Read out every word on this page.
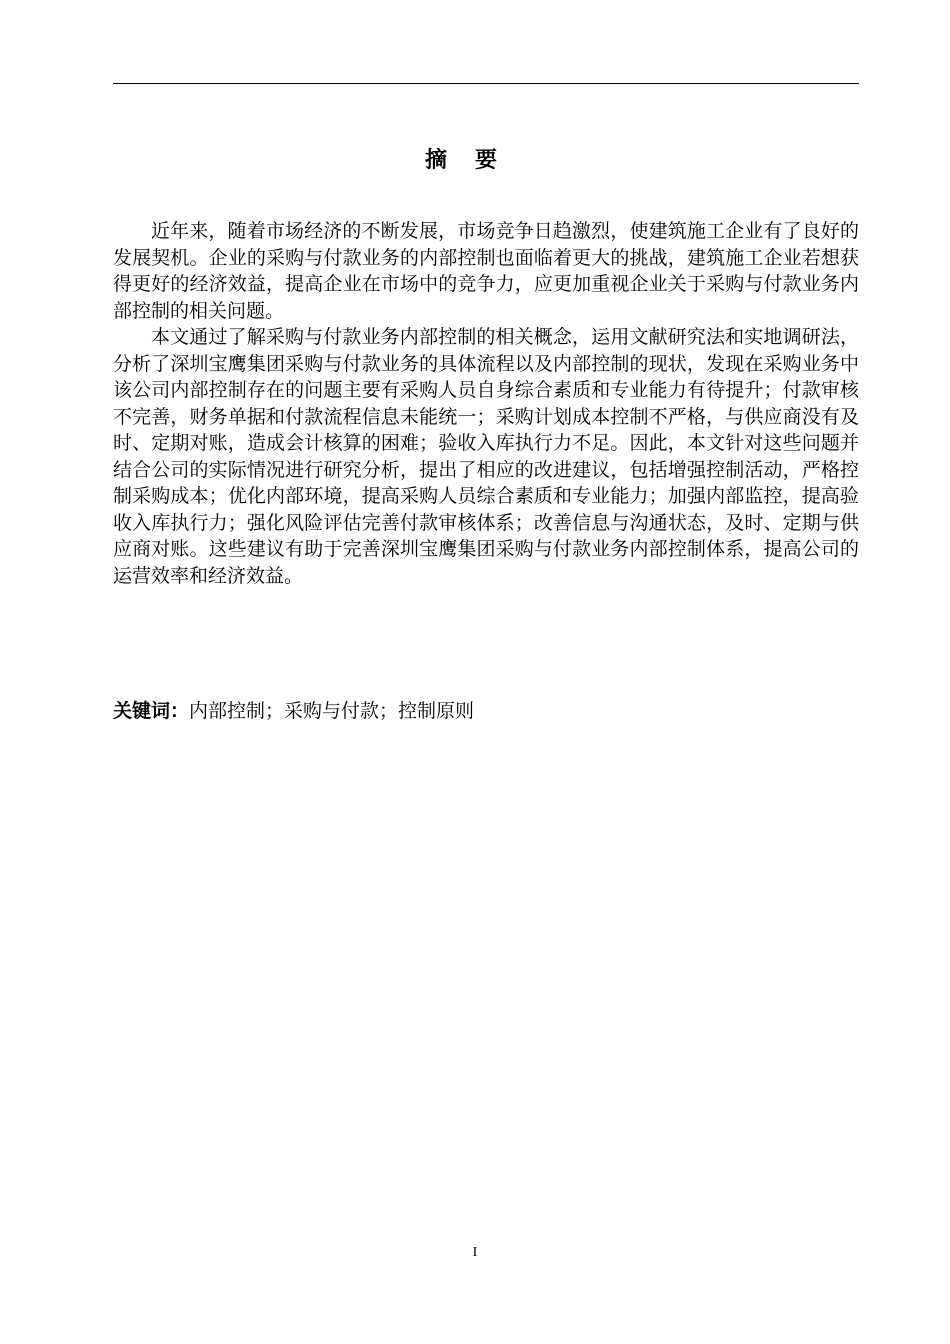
摘要

近年来，随着市场经济的不断发展，市场竞争日趋激烈，使建筑施工企业有了良好的发展契机。企业的采购与付款业务的内部控制也面临着更大的挑战，建筑施工企业若想获得更好的经济效益，提高企业在市场中的竞争力，应更加重视企业关于采购与付款业务内部控制的相关问题。

本文通过了解采购与付款业务内部控制的相关概念，运用文献研究法和实地调研法，分析了深圳宝鹰集团采购与付款业务的具体流程以及内部控制的现状，发现在采购业务中该公司内部控制存在的问题主要有采购人员自身综合素质和专业能力有待提升；付款审核不完善，财务单据和付款流程信息未能统一；采购计划成本控制不严格，与供应商没有及时、定期对账，造成会计核算的困难；验收入库执行力不足。因此，本文针对这些问题并结合公司的实际情况进行研究分析，提出了相应的改进建议，包括增强控制活动，严格控制采购成本；优化内部环境，提高采购人员综合素质和专业能力；加强内部监控，提高验收入库执行力；强化风险评估完善付款审核体系；改善信息与沟通状态，及时、定期与供应商对账。这些建议有助于完善深圳宝鹰集团采购与付款业务内部控制体系，提高公司的运营效率和经济效益。

关键词：内部控制；采购与付款；控制原则
I
